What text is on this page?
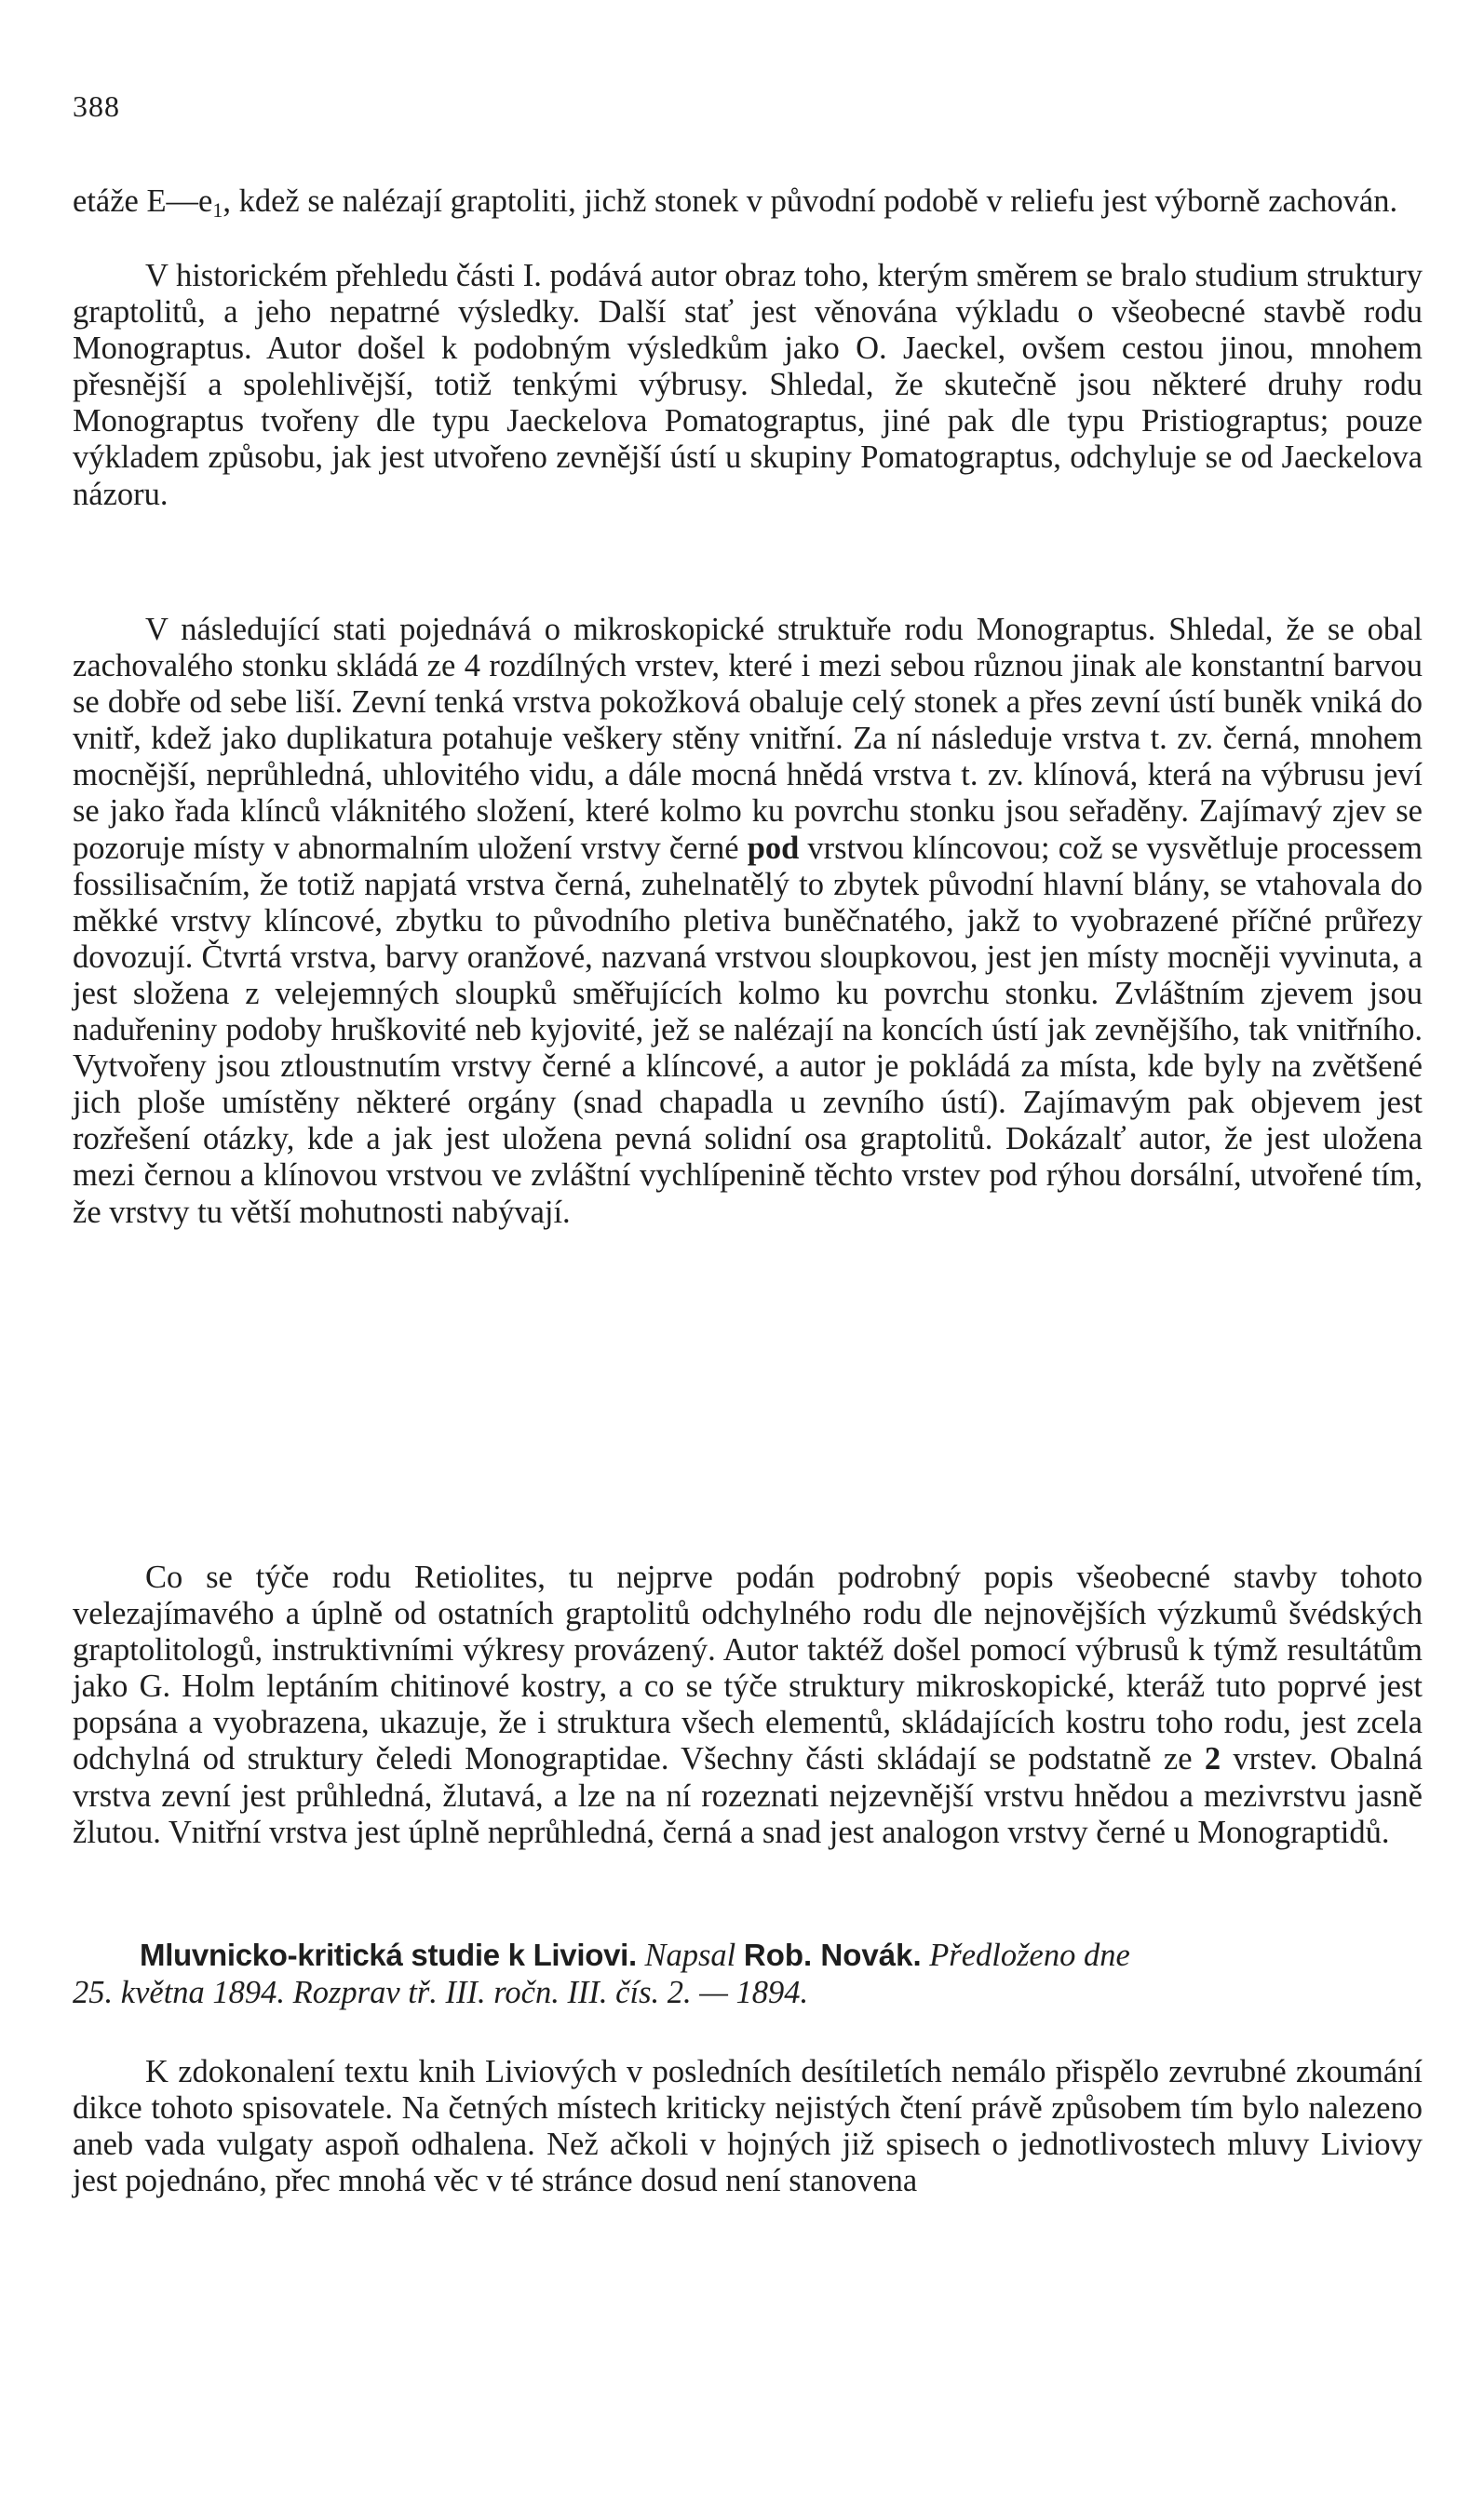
388
etáže $E—e_1$, kdež se nalézají graptoliti, jichž stonek v původní podobě v reliefu jest výborně zachován.
V historickém přehledu části I. podává autor obraz toho, kterým směrem se bralo studium struktury graptolitů, a jeho nepatrné výsledky. Další stať jest věnována výkladu o všeobecné stavbě rodu Monograptus. Autor došel k podobným výsledkům jako O. Jaeckel, ovšem cestou jinou, mnohem přesnější a spolehlivější, totiž tenkými výbrusy. Shledal, že skutečně jsou některé druhy rodu Monograptus tvořeny dle typu Jaeckelova Pomatograptus, jiné pak dle typu Pristiograptus; pouze výkladem způsobu, jak jest utvořeno zevnější ústí u skupiny Pomatograptus, odchyluje se od Jaeckelova názoru.
V následující stati pojednává o mikroskopické struktuře rodu Monograptus. Shledal, že se obal zachovalého stonku skládá ze 4 rozdílných vrstev, které i mezi sebou různou jinak ale konstantní barvou se dobře od sebe liší. Zevní tenká vrstva pokožková obaluje celý stonek a přes zevní ústí buněk vniká do vnitř, kdež jako duplikatura potahuje veškery stěny vnitřní. Za ní následuje vrstva t. zv. černá, mnohem mocnější, neprůhledná, uhlovitého vidu, a dále mocná hnědá vrstva t. zv. klínová, která na výbrusu jeví se jako řada klínců vláknitého složení, které kolmo ku povrchu stonku jsou seřaděny. Zajímavý zjev se pozoruje místy v abnormalním uložení vrstvy černé pod vrstvou klíncovou; což se vysvětluje processem fossilisačním, že totiž napjatá vrstva černá, zuhelnatělý to zbytek původní hlavní blány, se vtahovala do měkké vrstvy klíncové, zbytku to původního pletiva buněčnatého, jakž to vyobrazené příčné průřezy dovozují. Čtvrtá vrstva, barvy oranžové, nazvaná vrstvou sloupkovou, jest jen místy mocněji vyvinuta, a jest složena z velejemných sloupků směřujících kolmo ku povrchu stonku. Zvláštním zjevem jsou naduřeniny podoby hruškovité neb kyjovité, jež se nalézají na koncích ústí jak zevnějšího, tak vnitřního. Vytvořeny jsou ztloustnutím vrstvy černé a klíncové, a autor je pokládá za místa, kde byly na zvětšené jich ploše umístěny některé orgány (snad chapadla u zevního ústí). Zajímavým pak objevem jest rozřešení otázky, kde a jak jest uložena pevná solidní osa graptolitů. Dokázalť autor, že jest uložena mezi černou a klínovou vrstvou ve zvláštní vychlípenině těchto vrstev pod rýhou dorsální, utvořené tím, že vrstvy tu větší mohutnosti nabývají.
Co se týče rodu Retiolites, tu nejprve podán podrobný popis všeobecné stavby tohoto velezajímavého a úplně od ostatních graptolitů odchylného rodu dle nejnovějších výzkumů švédských graptolitologů, instruktivními výkresy provázený. Autor taktéž došel pomocí výbrusů k týmž resultátům jako G. Holm leptáním chitinové kostry, a co se týče struktury mikroskopické, kteráž tuto poprvé jest popsána a vyobrazena, ukazuje, že i struktura všech elementů, skládajících kostru toho rodu, jest zcela odchylná od struktury čeledi Monograptidae. Všechny části skládají se podstatně ze 2 vrstev. Obalná vrstva zevní jest průhledná, žlutavá, a lze na ní rozeznati nejzevnější vrstvu hnědou a mezivrstvu jasně žlutou. Vnitřní vrstva jest úplně neprůhledná, černá a snad jest analogon vrstvy černé u Monograptidů.
Mluvnicko-kritická studie k Liviovi. Napsal Rob. Novák. Předloženo dne
25. května 1894. Rozprav tř. III. ročn. III. čís. 2. — 1894.
K zdokonalení textu knih Liviových v posledních desítiletích nemálo přispělo zevrubné zkoumání dikce tohoto spisovatele. Na četných místech kriticky nejistých čtení právě způsobem tím bylo nalezeno aneb vada vulgaty aspoň odhalena. Než ačkoli v hojných již spisech o jednotlivostech mluvy Liviovy jest pojednáno, přec mnohá věc v té stránce dosud není stanovena
